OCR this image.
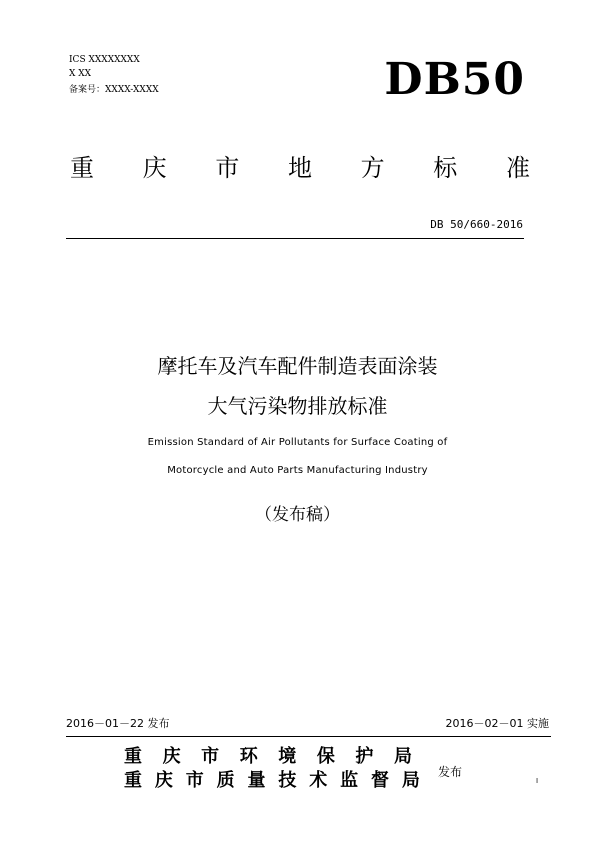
ICS XXXXXXXX
X XX
备案号：XXXX-XXXX	DB50
重 庆 市 地 方 标 准
DB 50/660-2016
摩托车及汽车配件制造表面涂装
大气污染物排放标准
Emission Standard of Air Pollutants for Surface Coating of
Motorcycle and Auto Parts Manufacturing Industry
（发布稿）
2016－01－22 发布	2016－02－01 实施
重 庆 市 环 境 保 护 局
重 庆 市 质 量 技 术 监 督 局 发布
I
